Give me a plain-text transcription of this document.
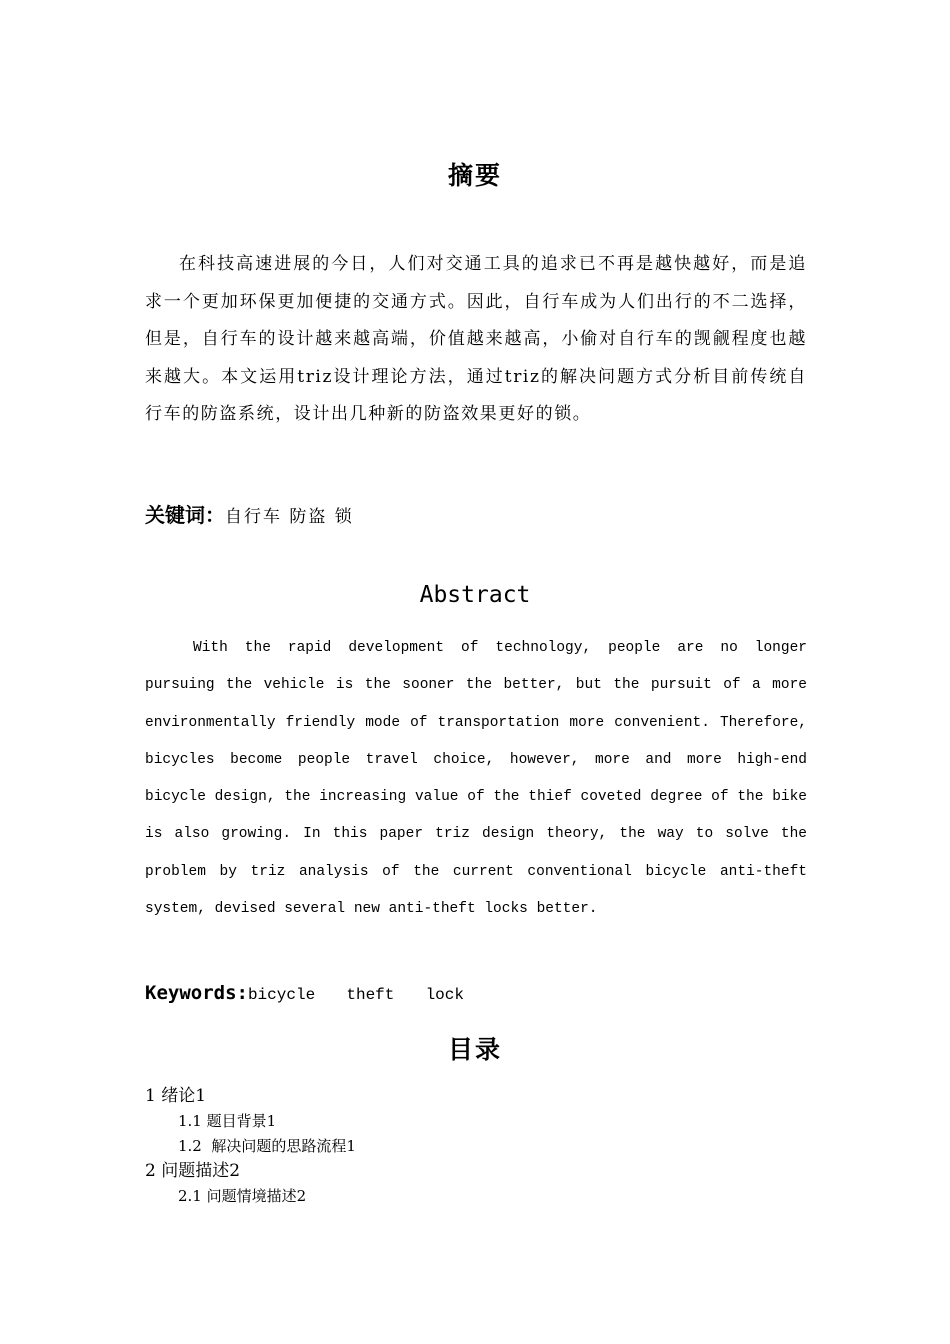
摘要

在科技高速进展的今日，人们对交通工具的追求已不再是越快越好，而是追求一个更加环保更加便捷的交通方式。因此，自行车成为人们出行的不二选择，但是，自行车的设计越来越高端，价值越来越高，小偷对自行车的觊觎程度也越来越大。本文运用triz设计理论方法，通过triz的解决问题方式分析目前传统自行车的防盗系统，设计出几种新的防盗效果更好的锁。

关键词：自行车 防盗 锁

Abstract

With the rapid development of technology, people are no longer pursuing the vehicle is the sooner the better, but the pursuit of a more environmentally friendly mode of transportation more convenient. Therefore, bicycles become people travel choice, however, more and more high-end bicycle design, the increasing value of the thief coveted degree of the bike is also growing. In this paper triz design theory, the way to solve the problem by triz analysis of the current conventional bicycle anti-theft system, devised several new anti-theft locks better.

Keywords:bicycle  theft  lock

目录
1 绪论1
1.1 题目背景1
1.2  解决问题的思路流程1
2 问题描述2
2.1 问题情境描述2
